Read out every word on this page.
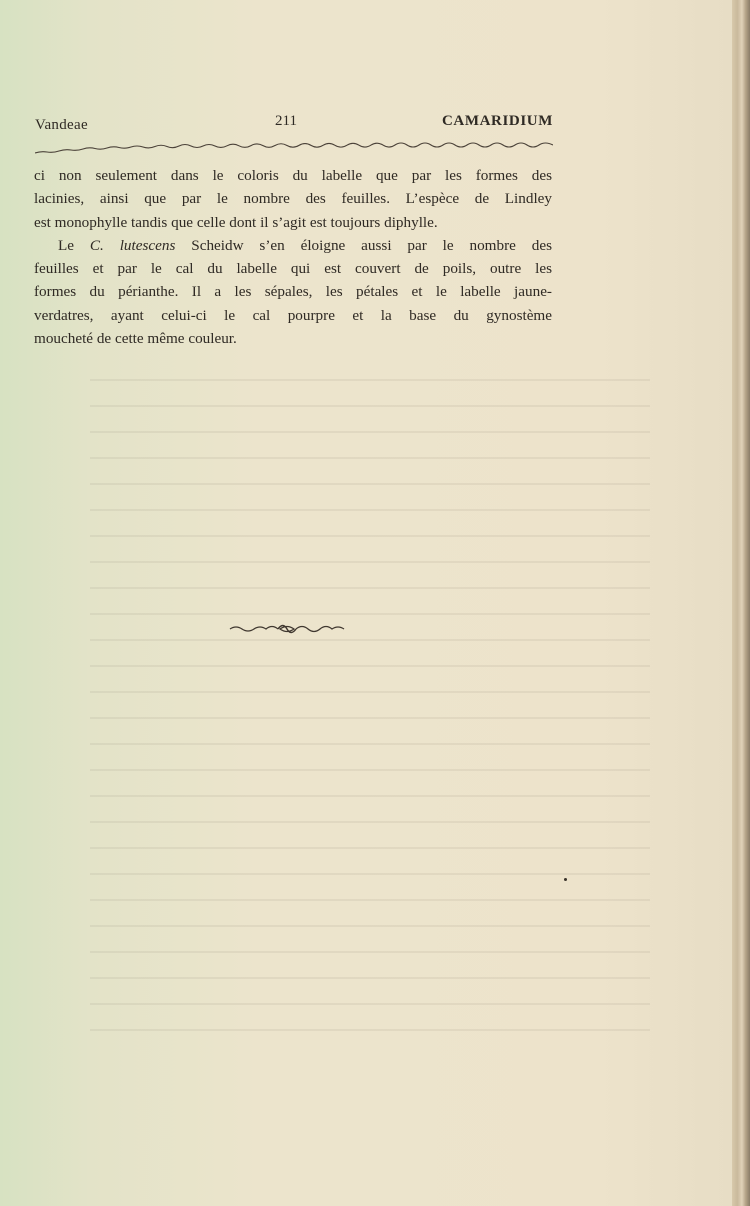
Vandeae	211	CAMARIDIUM
ci non seulement dans le coloris du labelle que par les formes des
lacinies, ainsi que par le nombre des feuilles. L’espèce de Lindley
est monophylle tandis que celle dont il s’agit est toujours diphylle.
Le C. lutescens Scheidw s’en éloigne aussi par le nombre des
feuilles et par le cal du labelle qui est couvert de poils, outre les
formes du périanthe. Il a les sépales, les pétales et le labelle jaune-
verdatres, ayant celui-ci le cal pourpre et la base du gynostème
moucheté de cette même couleur.
